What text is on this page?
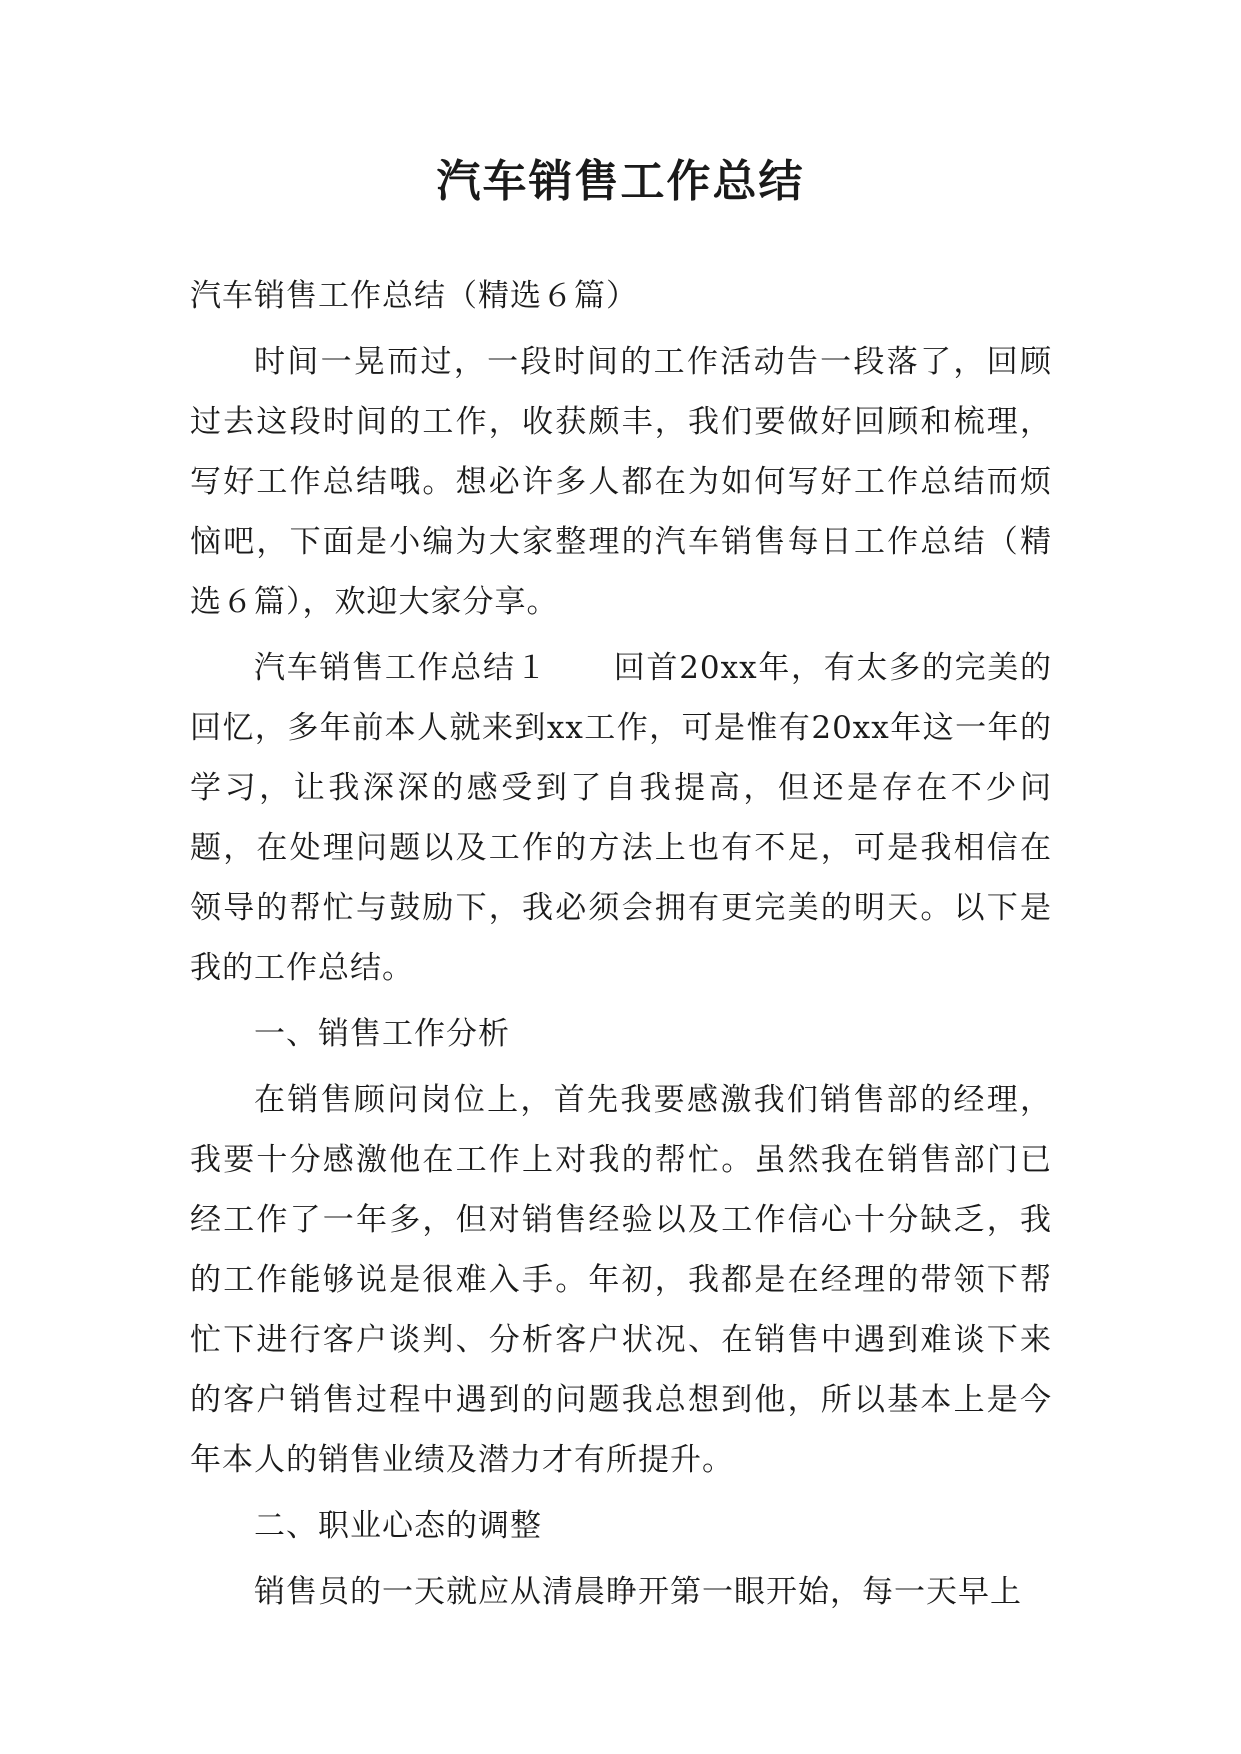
汽车销售工作总结

汽车销售工作总结（精选６篇）

时间一晃而过，一段时间的工作活动告一段落了，回顾过去这段时间的工作，收获颇丰，我们要做好回顾和梳理，写好工作总结哦。想必许多人都在为如何写好工作总结而烦恼吧，下面是小编为大家整理的汽车销售每日工作总结（精选６篇），欢迎大家分享。

汽车销售工作总结１　　回首20xx年，有太多的完美的回忆，多年前本人就来到xx工作，可是惟有20xx年这一年的学习，让我深深的感受到了自我提高，但还是存在不少问题，在处理问题以及工作的方法上也有不足，可是我相信在领导的帮忙与鼓励下，我必须会拥有更完美的明天。以下是我的工作总结。

一、销售工作分析

在销售顾问岗位上，首先我要感激我们销售部的经理，我要十分感激他在工作上对我的帮忙。虽然我在销售部门已经工作了一年多，但对销售经验以及工作信心十分缺乏，我的工作能够说是很难入手。年初，我都是在经理的带领下帮忙下进行客户谈判、分析客户状况、在销售中遇到难谈下来的客户销售过程中遇到的问题我总想到他，所以基本上是今年本人的销售业绩及潜力才有所提升。

二、职业心态的调整

销售员的一天就应从清晨睁开第一眼开始，每一天早上
